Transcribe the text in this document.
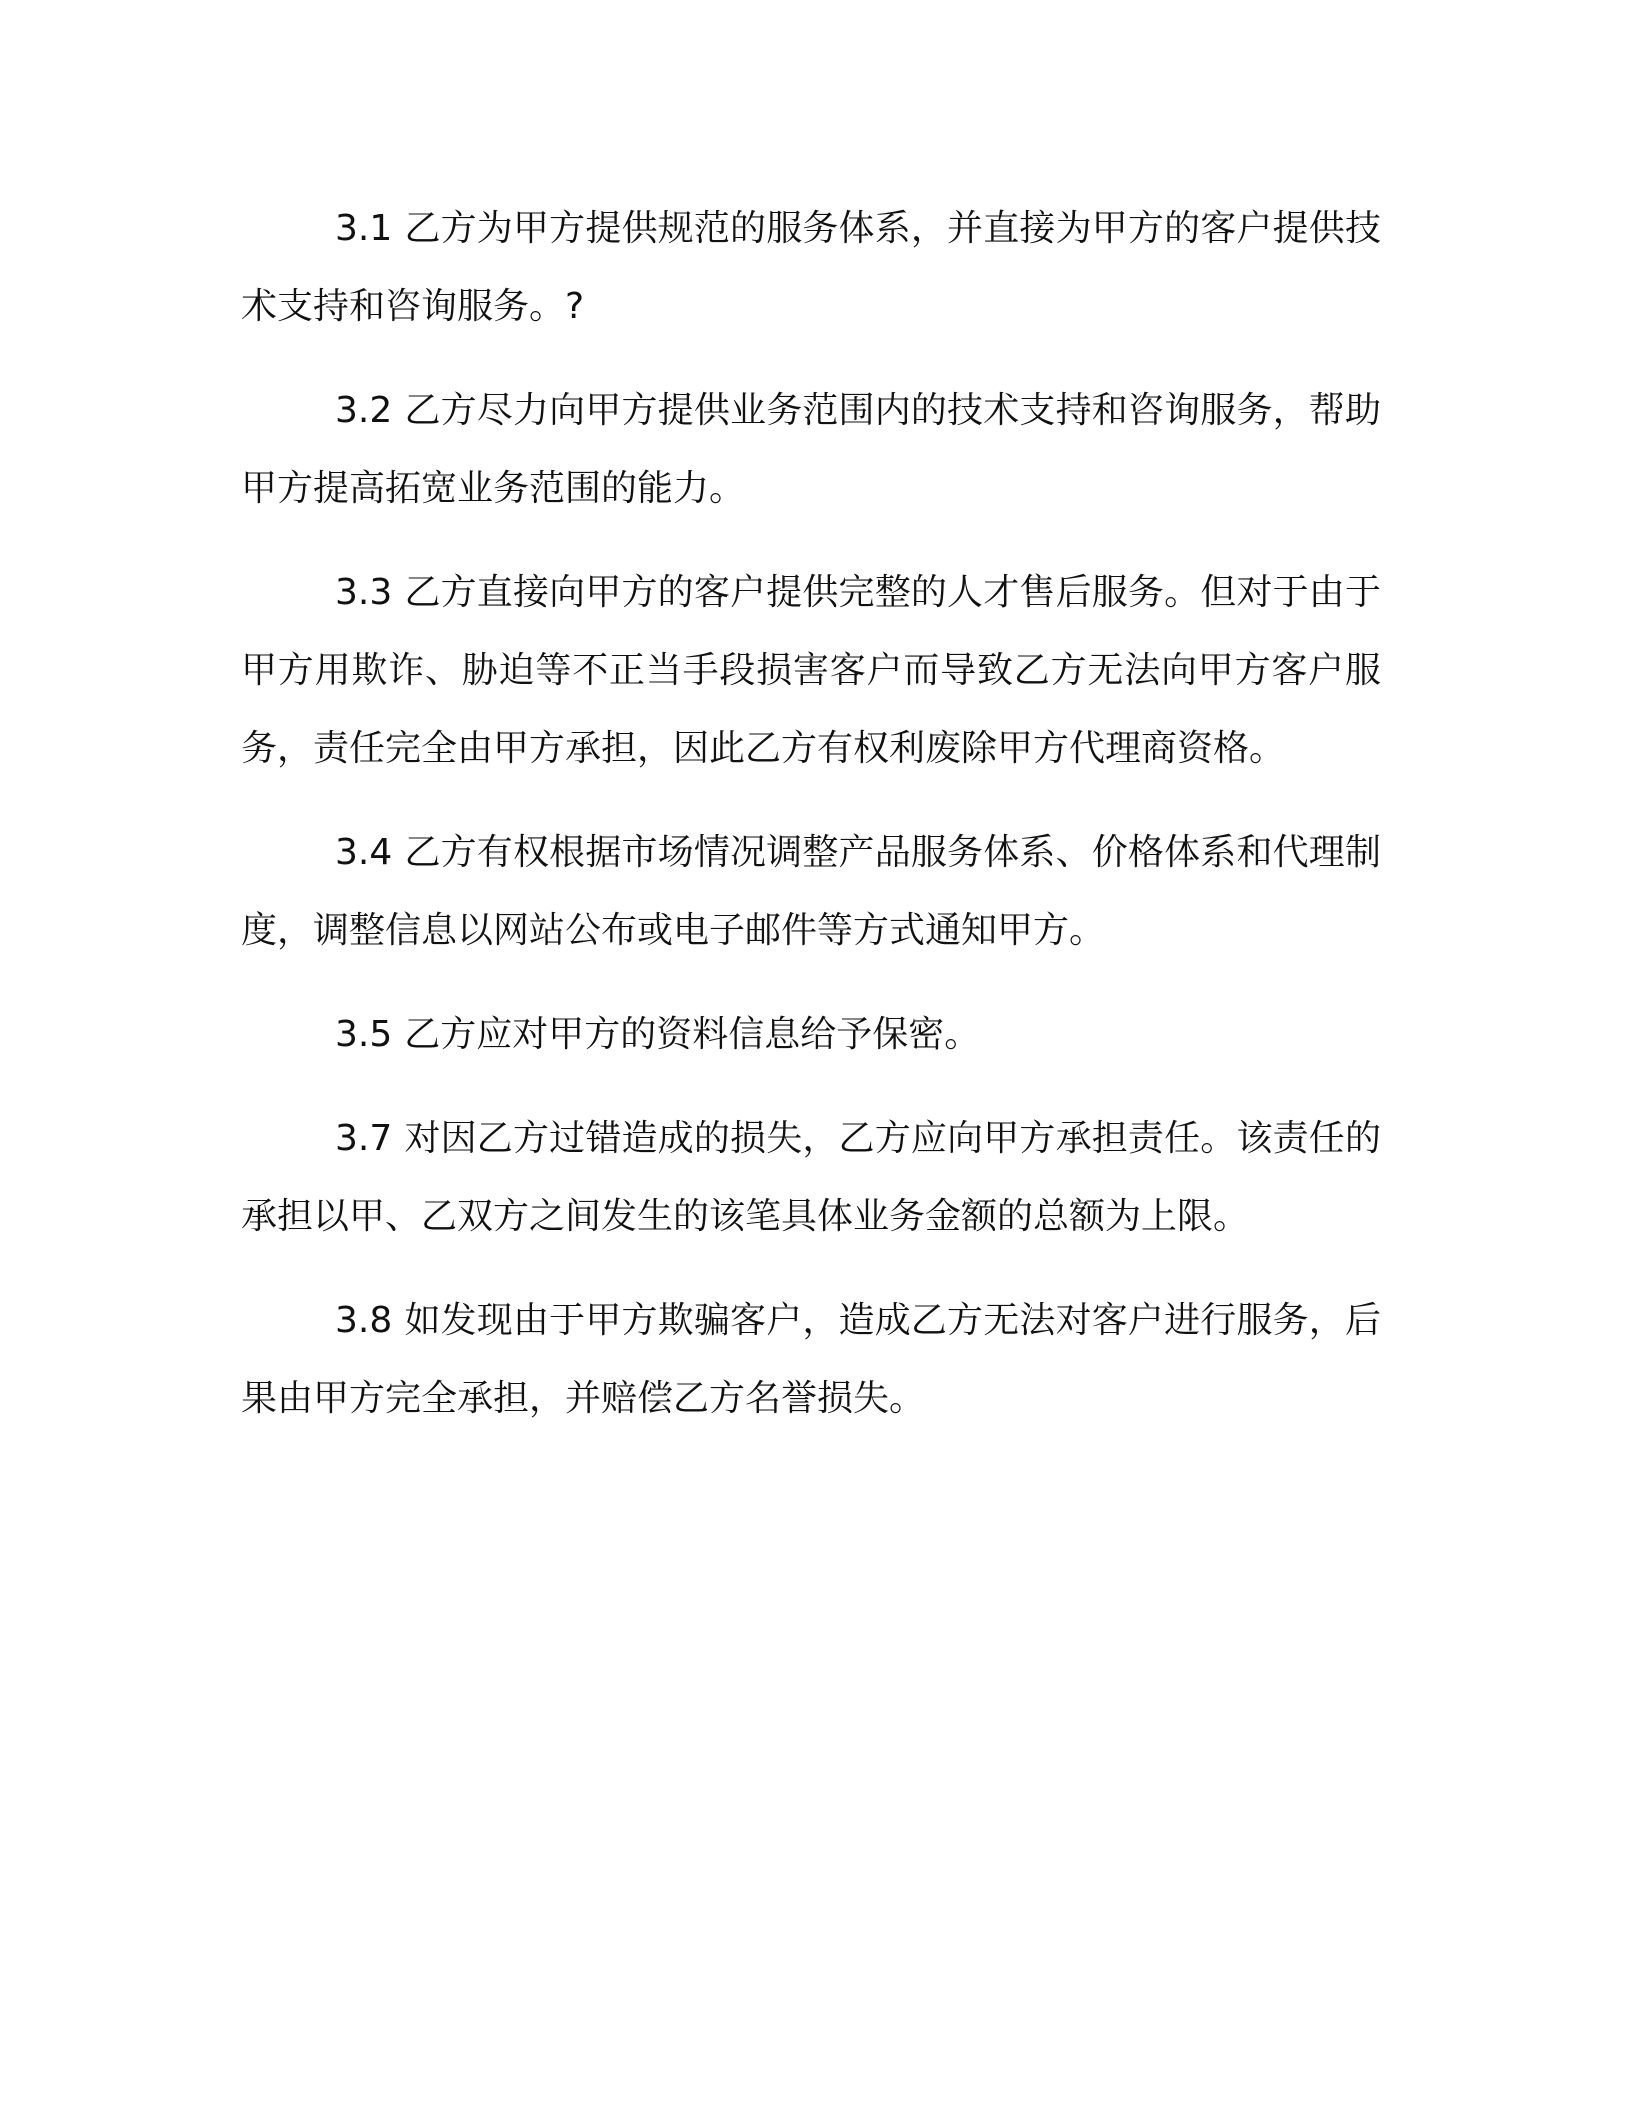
3.1 乙方为甲方提供规范的服务体系，并直接为甲方的客户提供技术支持和咨询服务。?

3.2 乙方尽力向甲方提供业务范围内的技术支持和咨询服务，帮助甲方提高拓宽业务范围的能力。

3.3 乙方直接向甲方的客户提供完整的人才售后服务。但对于由于甲方用欺诈、胁迫等不正当手段损害客户而导致乙方无法向甲方客户服务，责任完全由甲方承担，因此乙方有权利废除甲方代理商资格。

3.4 乙方有权根据市场情况调整产品服务体系、价格体系和代理制度，调整信息以网站公布或电子邮件等方式通知甲方。

3.5 乙方应对甲方的资料信息给予保密。

3.7 对因乙方过错造成的损失，乙方应向甲方承担责任。该责任的承担以甲、乙双方之间发生的该笔具体业务金额的总额为上限。

3.8 如发现由于甲方欺骗客户，造成乙方无法对客户进行服务，后果由甲方完全承担，并赔偿乙方名誉损失。
